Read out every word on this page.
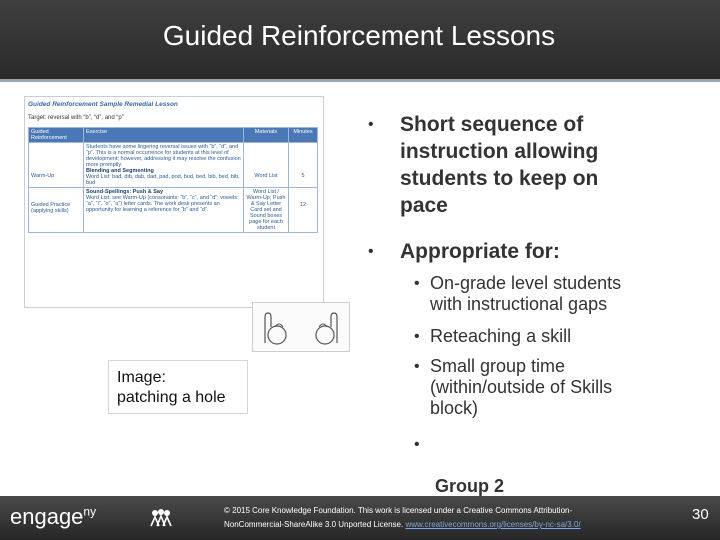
Guided Reinforcement Lessons
Guided Reinforcement Sample Remedial Lesson
Target: reversal with “b”, “d”, and “p”
Guided Reinforcement	Exercise	Materials	Minutes
Warm-Up	Students have some lingering reversal issues with “b”, “d”, and “p”. This is a normal occurrence for students at this level of development; however, addressing it may resolve the confusion more promptly.
Blending and Segmenting
Word List: bad, dib, dab, dad, pad, pod, bud, bed, bib, bed, bib, bud	Word List	5
Guided Practice (applying skills)	Sound-Spellings: Push & Say
Word List: see Warm-Up (consonants: “b”, “c”, and “d”; vowels: “a”, “i”, “o”, “u”) letter cards. The work desk presents an opportunity for learning a reference for “b” and “d”.	Word List / Warm-Up; Push & Say Letter Card set and Sound boxes page for each student	12
Image:
patching a hole
• Short sequence of
instruction allowing
students to keep on
pace
• Appropriate for:
• On-grade level students
with instructional gaps
• Reteaching a skill
• Small group time
(within/outside of Skills
block)
•

Group 2

engage$^{ny}$	© 2015 Core Knowledge Foundation. This work is licensed under a Creative Commons Attribution-
NonCommercial-ShareAlike 3.0 Unported License. www.creativecommons.org/licenses/by-nc-sa/3.0/
30
